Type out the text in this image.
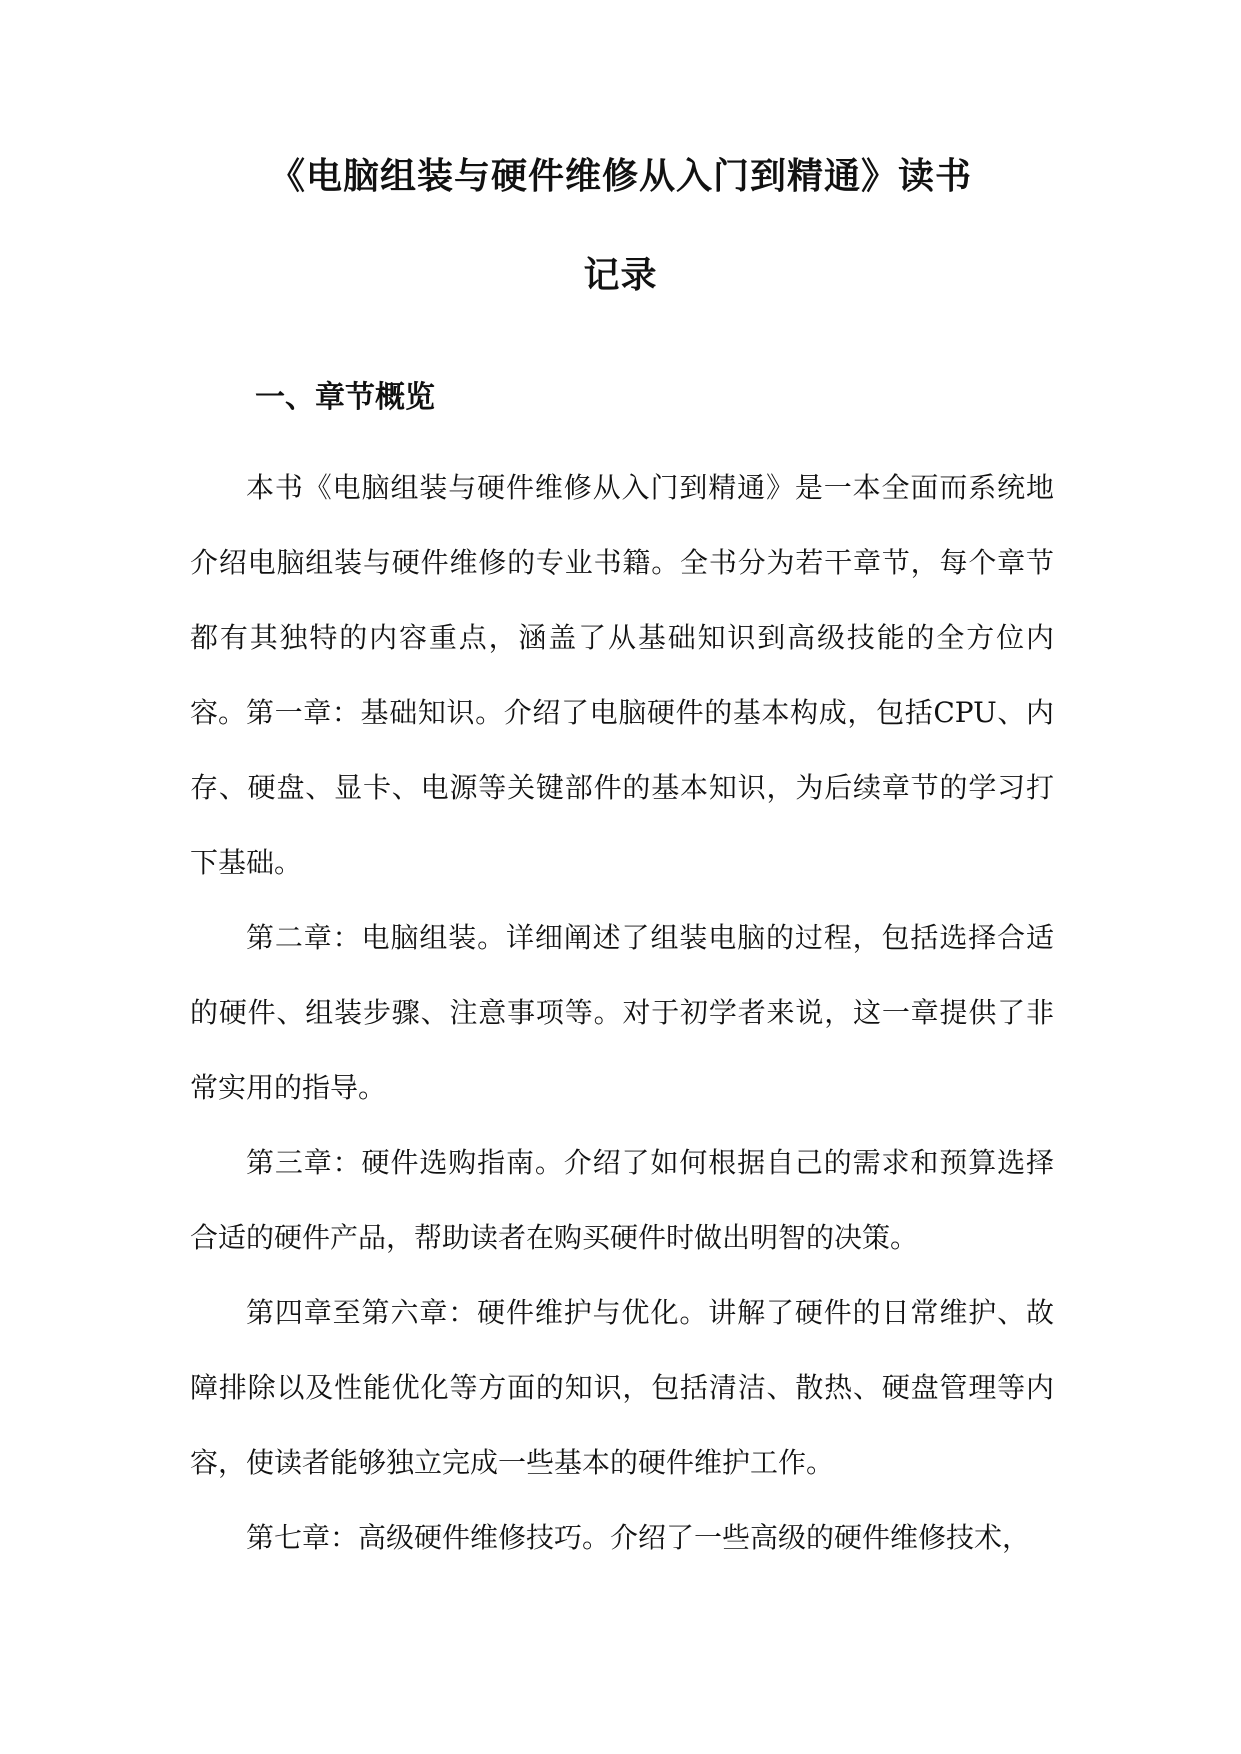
《电脑组装与硬件维修从入门到精通》读书
记录
一、章节概览

本书《电脑组装与硬件维修从入门到精通》是一本全面而系统地介绍电脑组装与硬件维修的专业书籍。全书分为若干章节，每个章节都有其独特的内容重点，涵盖了从基础知识到高级技能的全方位内容。 第一章：基础知识。介绍了电脑硬件的基本构成，包括CPU、内存、硬盘、显卡、电源等关键部件的基本知识，为后续章节的学习打下基础。

第二章：电脑组装。详细阐述了组装电脑的过程，包括选择合适的硬件、组装步骤、注意事项等。对于初学者来说，这一章提供了非常实用的指导。

第三章：硬件选购指南。介绍了如何根据自己的需求和预算选择合适的硬件产品，帮助读者在购买硬件时做出明智的决策。

第四章至第六章：硬件维护与优化。讲解了硬件的日常维护、故障排除以及性能优化等方面的知识，包括清洁、散热、硬盘管理等内容，使读者能够独立完成一些基本的硬件维护工作。

第七章：高级硬件维修技巧。介绍了一些高级的硬件维修技术，
